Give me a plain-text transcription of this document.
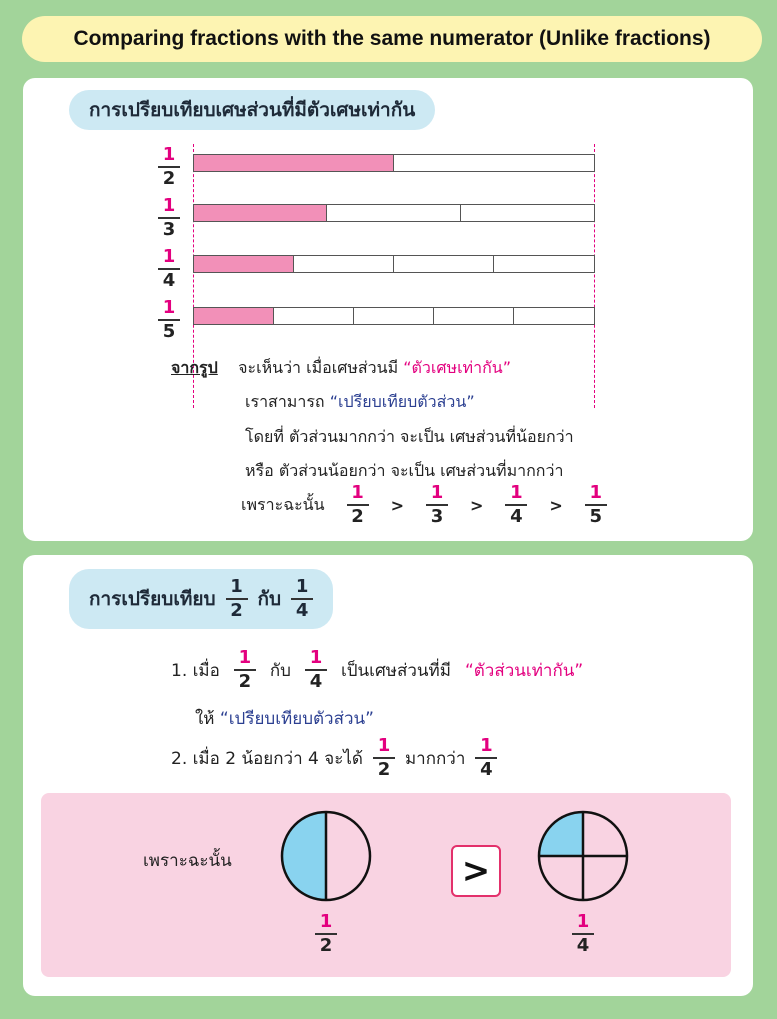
Comparing fractions with the same numerator (Unlike fractions)
การเปรียบเทียบเศษส่วนที่มีตัวเศษเท่ากัน
$\frac{1}{2}$
$\frac{1}{3}$
$\frac{1}{4}$
$\frac{1}{5}$
จากรูป จะเห็นว่า เมื่อเศษส่วนมี “ตัวเศษเท่ากัน”
เราสามารถ “เปรียบเทียบตัวส่วน”
โดยที่ ตัวส่วนมากกว่า จะเป็น เศษส่วนที่น้อยกว่า
หรือ ตัวส่วนน้อยกว่า จะเป็น เศษส่วนที่มากกว่า
เพราะฉะนั้น $\frac{1}{2} > \frac{1}{3} > \frac{1}{4} > \frac{1}{5}$
การเปรียบเทียบ $\frac{1}{2}$ กับ $\frac{1}{4}$
1. เมื่อ $\frac{1}{2}$ กับ $\frac{1}{4}$ เป็นเศษส่วนที่มี “ตัวส่วนเท่ากัน”
ให้ “เปรียบเทียบตัวส่วน”
2. เมื่อ 2 น้อยกว่า 4 จะได้ $\frac{1}{2}$ มากกว่า $\frac{1}{4}$
เพราะฉะนั้น	>
1
2
1
4
